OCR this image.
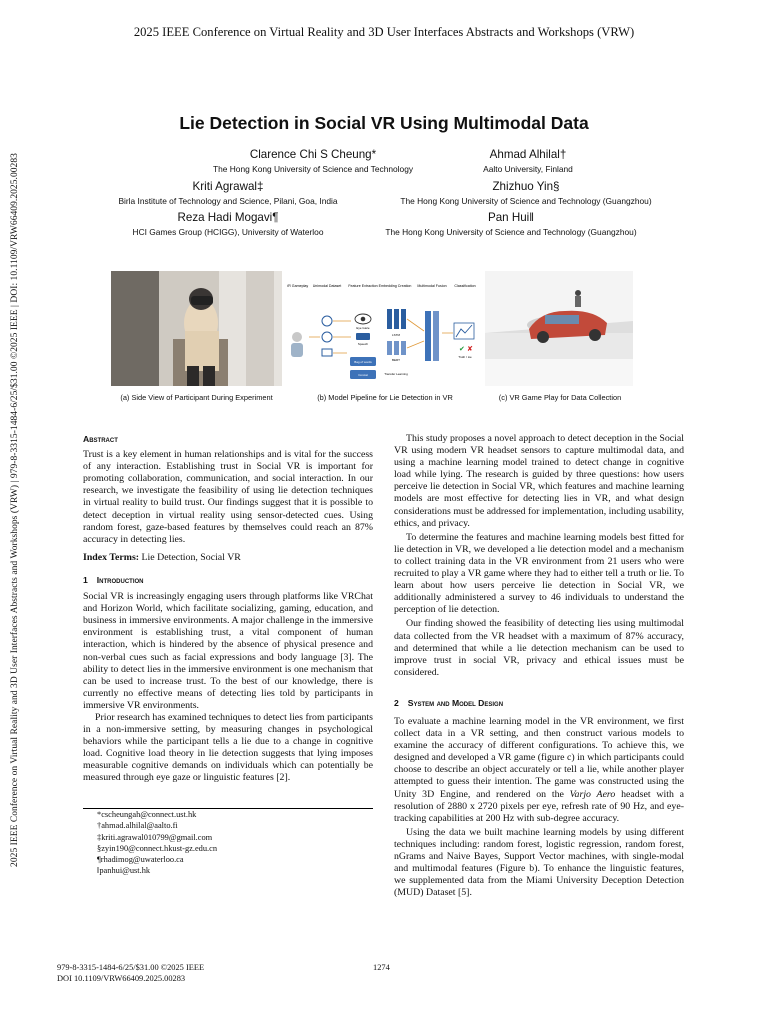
2025 IEEE Conference on Virtual Reality and 3D User Interfaces Abstracts and Workshops (VRW) | 979-8-3315-1484-6/25/$31.00 ©2025 IEEE | DOI: 10.1109/VRW66409.2025.00283
2025 IEEE Conference on Virtual Reality and 3D User Interfaces Abstracts and Workshops (VRW)
Lie Detection in Social VR Using Multimodal Data
Clarence Chi S Cheung*
The Hong Kong University of Science and Technology
Ahmad Alhilal†
Aalto University, Finland
Kriti Agrawal‡
Birla Institute of Technology and Science, Pilani, Goa, India
Zhizhuo Yin§
The Hong Kong University of Science and Technology (Guangzhou)
Reza Hadi Mogavi¶
HCI Games Group (HCIGG), University of Waterloo
Pan Hui‖
The Hong Kong University of Science and Technology (Guangzhou)
VR Gameplay Unimodal Dataset Feature Extraction Embedding Creation Multimodal Fusion Classification
Eye Gaze
Speech
Bag of words
Concat
LSTM
BERT
Transfer Learning
✔ ✘
Truth / Lie
(a) Side View of Participant During Experiment	(b) Model Pipeline for Lie Detection in VR	(c) VR Game Play for Data Collection

Abstract

Trust is a key element in human relationships and is vital for the success of any interaction. Establishing trust in Social VR is important for promoting collaboration, communication, and social interaction. In our research, we investigate the feasibility of using lie detection techniques in virtual reality to build trust. Our findings suggest that it is possible to detect deception in virtual reality using sensor-detected cues. Using random forest, gaze-based features by themselves could reach an 87% accuracy in detecting lies.

Index Terms: Lie Detection, Social VR

1 Introduction

Social VR is increasingly engaging users through platforms like VRChat and Horizon World, which facilitate socializing, gaming, education, and business in immersive environments. A major challenge in the immersive environment is establishing trust, a vital component of human interaction, which is hindered by the absence of physical presence and non-verbal cues such as facial expressions and body language [3]. The ability to detect lies in the immersive environment is one mechanism that can be used to increase trust. To the best of our knowledge, there is currently no effective means of detecting lies told by participants in immersive VR environments.

Prior research has examined techniques to detect lies from participants in a non-immersive setting, by measuring changes in psychological behaviors while the participant tells a lie due to a change in cognitive load. Cognitive load theory in lie detection suggests that lying imposes measurable cognitive demands on individuals which can potentially be measured through eye gaze or linguistic features [2].

*cscheungah@connect.ust.hk
†ahmad.alhilal@aalto.fi
‡kriti.agrawal010799@gmail.com
§zyin190@connect.hkust-gz.edu.cn
¶rhadimog@uwaterloo.ca
‖panhui@ust.hk

This study proposes a novel approach to detect deception in the Social VR using modern VR headset sensors to capture multimodal data, and using a machine learning model trained to detect change in cognitive load while lying. The research is guided by three questions: how users perceive lie detection in Social VR, which features and machine learning models are most effective for detecting lies in VR, and what design considerations must be addressed for implementation, including usability, ethics, and privacy.

To determine the features and machine learning models best fitted for lie detection in VR, we developed a lie detection model and a mechanism to collect training data in the VR environment from 21 users who were recruited to play a VR game where they had to either tell a truth or lie. To learn about how users perceive lie detection in Social VR, we additionally administered a survey to 46 individuals to understand the perception of lie detection.

Our finding showed the feasibility of detecting lies using multimodal data collected from the VR headset with a maximum of 87% accuracy, and determined that while a lie detection mechanism can be used to improve trust in social VR, privacy and ethical issues must be considered.

2 System and Model Design

To evaluate a machine learning model in the VR environment, we first collect data in a VR setting, and then construct various models to examine the accuracy of different configurations. To achieve this, we designed and developed a VR game (figure c) in which participants could choose to describe an object accurately or tell a lie, while another player attempted to guess their intention. The game was constructed using the Unity 3D Engine, and rendered on the Varjo Aero headset with a resolution of 2880 x 2720 pixels per eye, refresh rate of 90 Hz, and eye-tracking capabilities at 200 Hz with sub-degree accuracy.

Using the data we built machine learning models by using different techniques including: random forest, logistic regression, random forest, nGrams and Naive Bayes, Support Vector machines, with single-modal and multimodal features (Figure b). To enhance the linguistic features, we supplemented data from the Miami University Deception Detection (MUD) Dataset [5].

979-8-3315-1484-6/25/$31.00 ©2025 IEEE
DOI 10.1109/VRW66409.2025.00283
1274
